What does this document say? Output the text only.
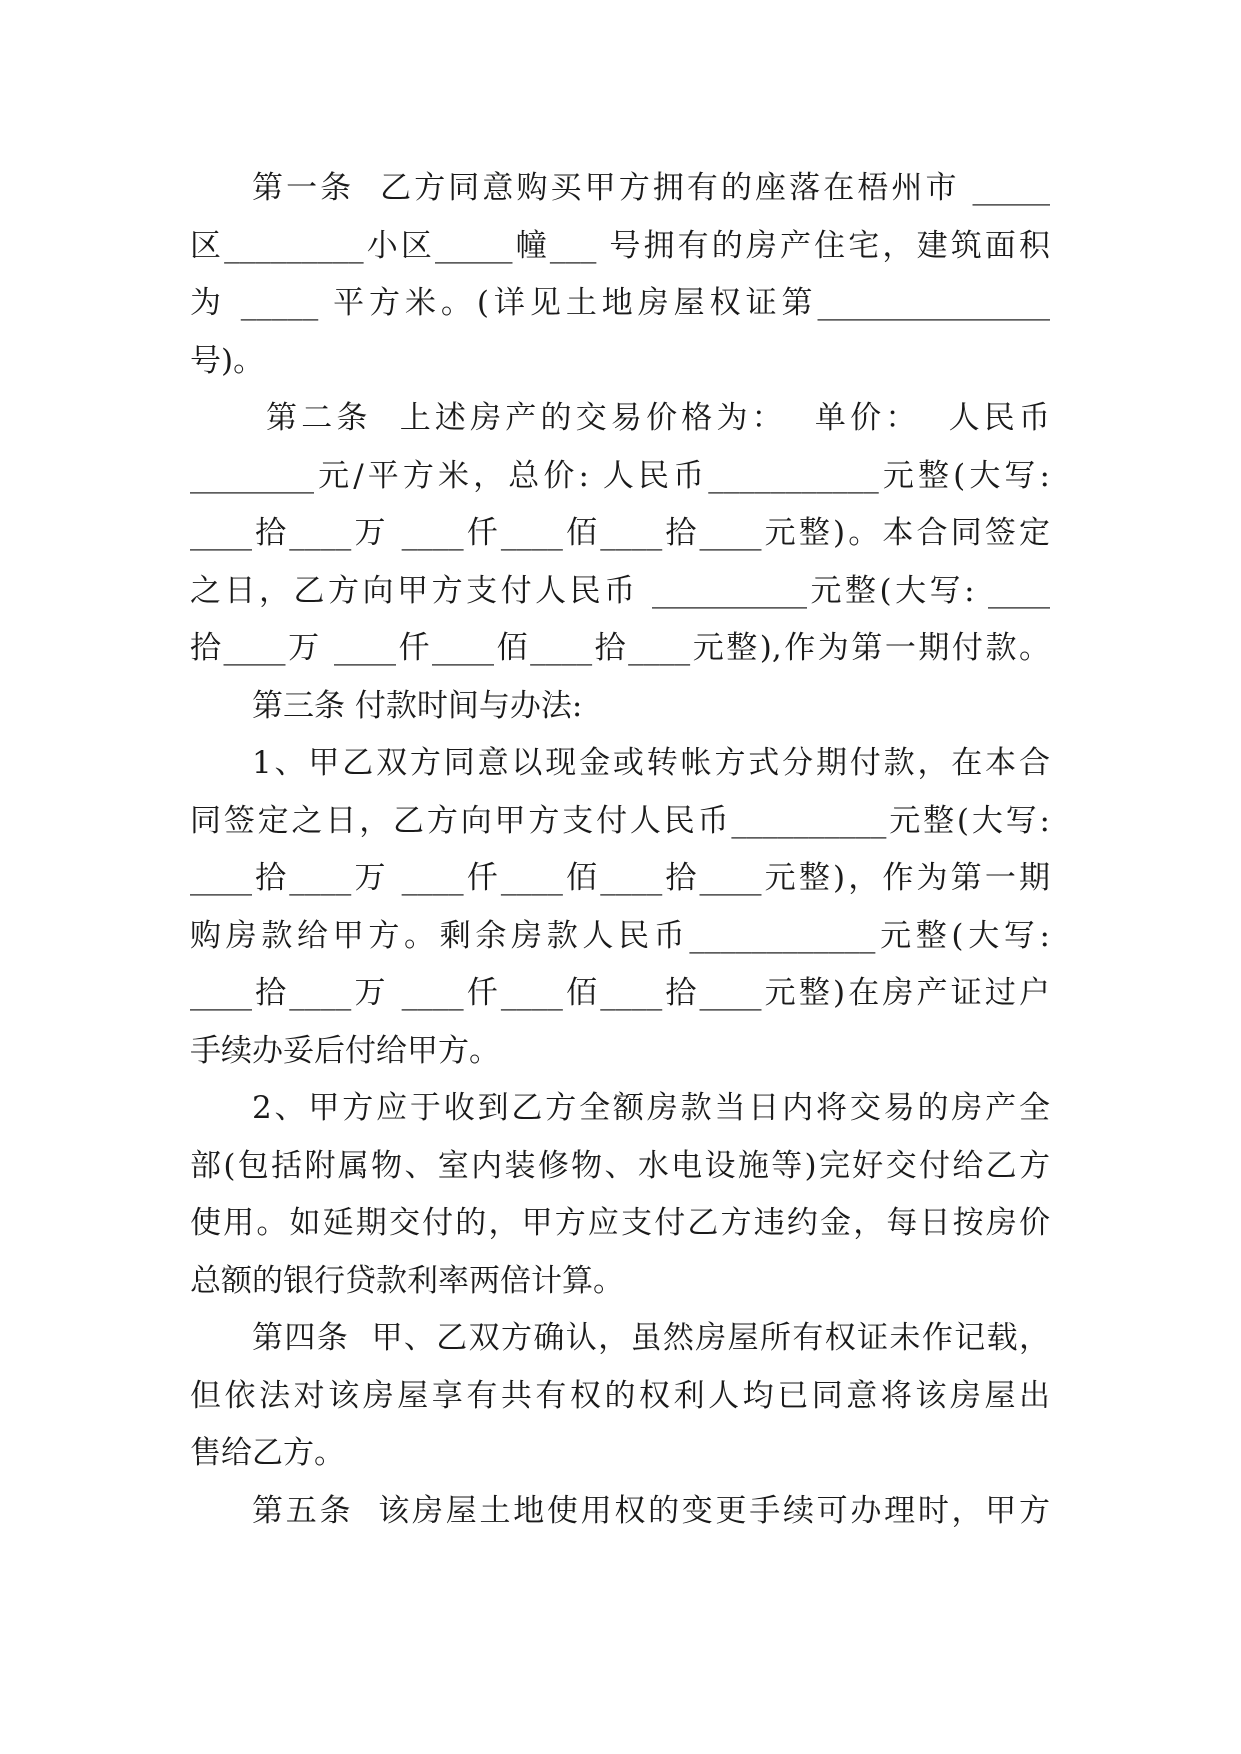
第一条  乙方同意购买甲方拥有的座落在梧州市 _____
区_________小区_____幢___ 号拥有的房产住宅，建筑面积
为 _____ 平方米。(详见土地房屋权证第_______________
号)。
第二条  上述房产的交易价格为：  单价：  人民币
________元/平方米，总价: 人民币___________元整(大写:
____拾____万 ____仟____佰____拾____元整)。本合同签定
之日，乙方向甲方支付人民币 __________元整(大写: ____
拾____万 ____仟____佰____拾____元整),作为第一期付款。
第三条 付款时间与办法:
1、甲乙双方同意以现金或转帐方式分期付款，在本合
同签定之日，乙方向甲方支付人民币__________元整(大写:
____拾____万 ____仟____佰____拾____元整)，作为第一期
购房款给甲方。剩余房款人民币____________元整(大写:
____拾____万 ____仟____佰____拾____元整)在房产证过户
手续办妥后付给甲方。
2、甲方应于收到乙方全额房款当日内将交易的房产全
部(包括附属物、室内装修物、水电设施等)完好交付给乙方
使用。如延期交付的，甲方应支付乙方违约金，每日按房价
总额的银行贷款利率两倍计算。
第四条  甲、乙双方确认，虽然房屋所有权证未作记载，
但依法对该房屋享有共有权的权利人均已同意将该房屋出
售给乙方。
第五条  该房屋土地使用权的变更手续可办理时，甲方
